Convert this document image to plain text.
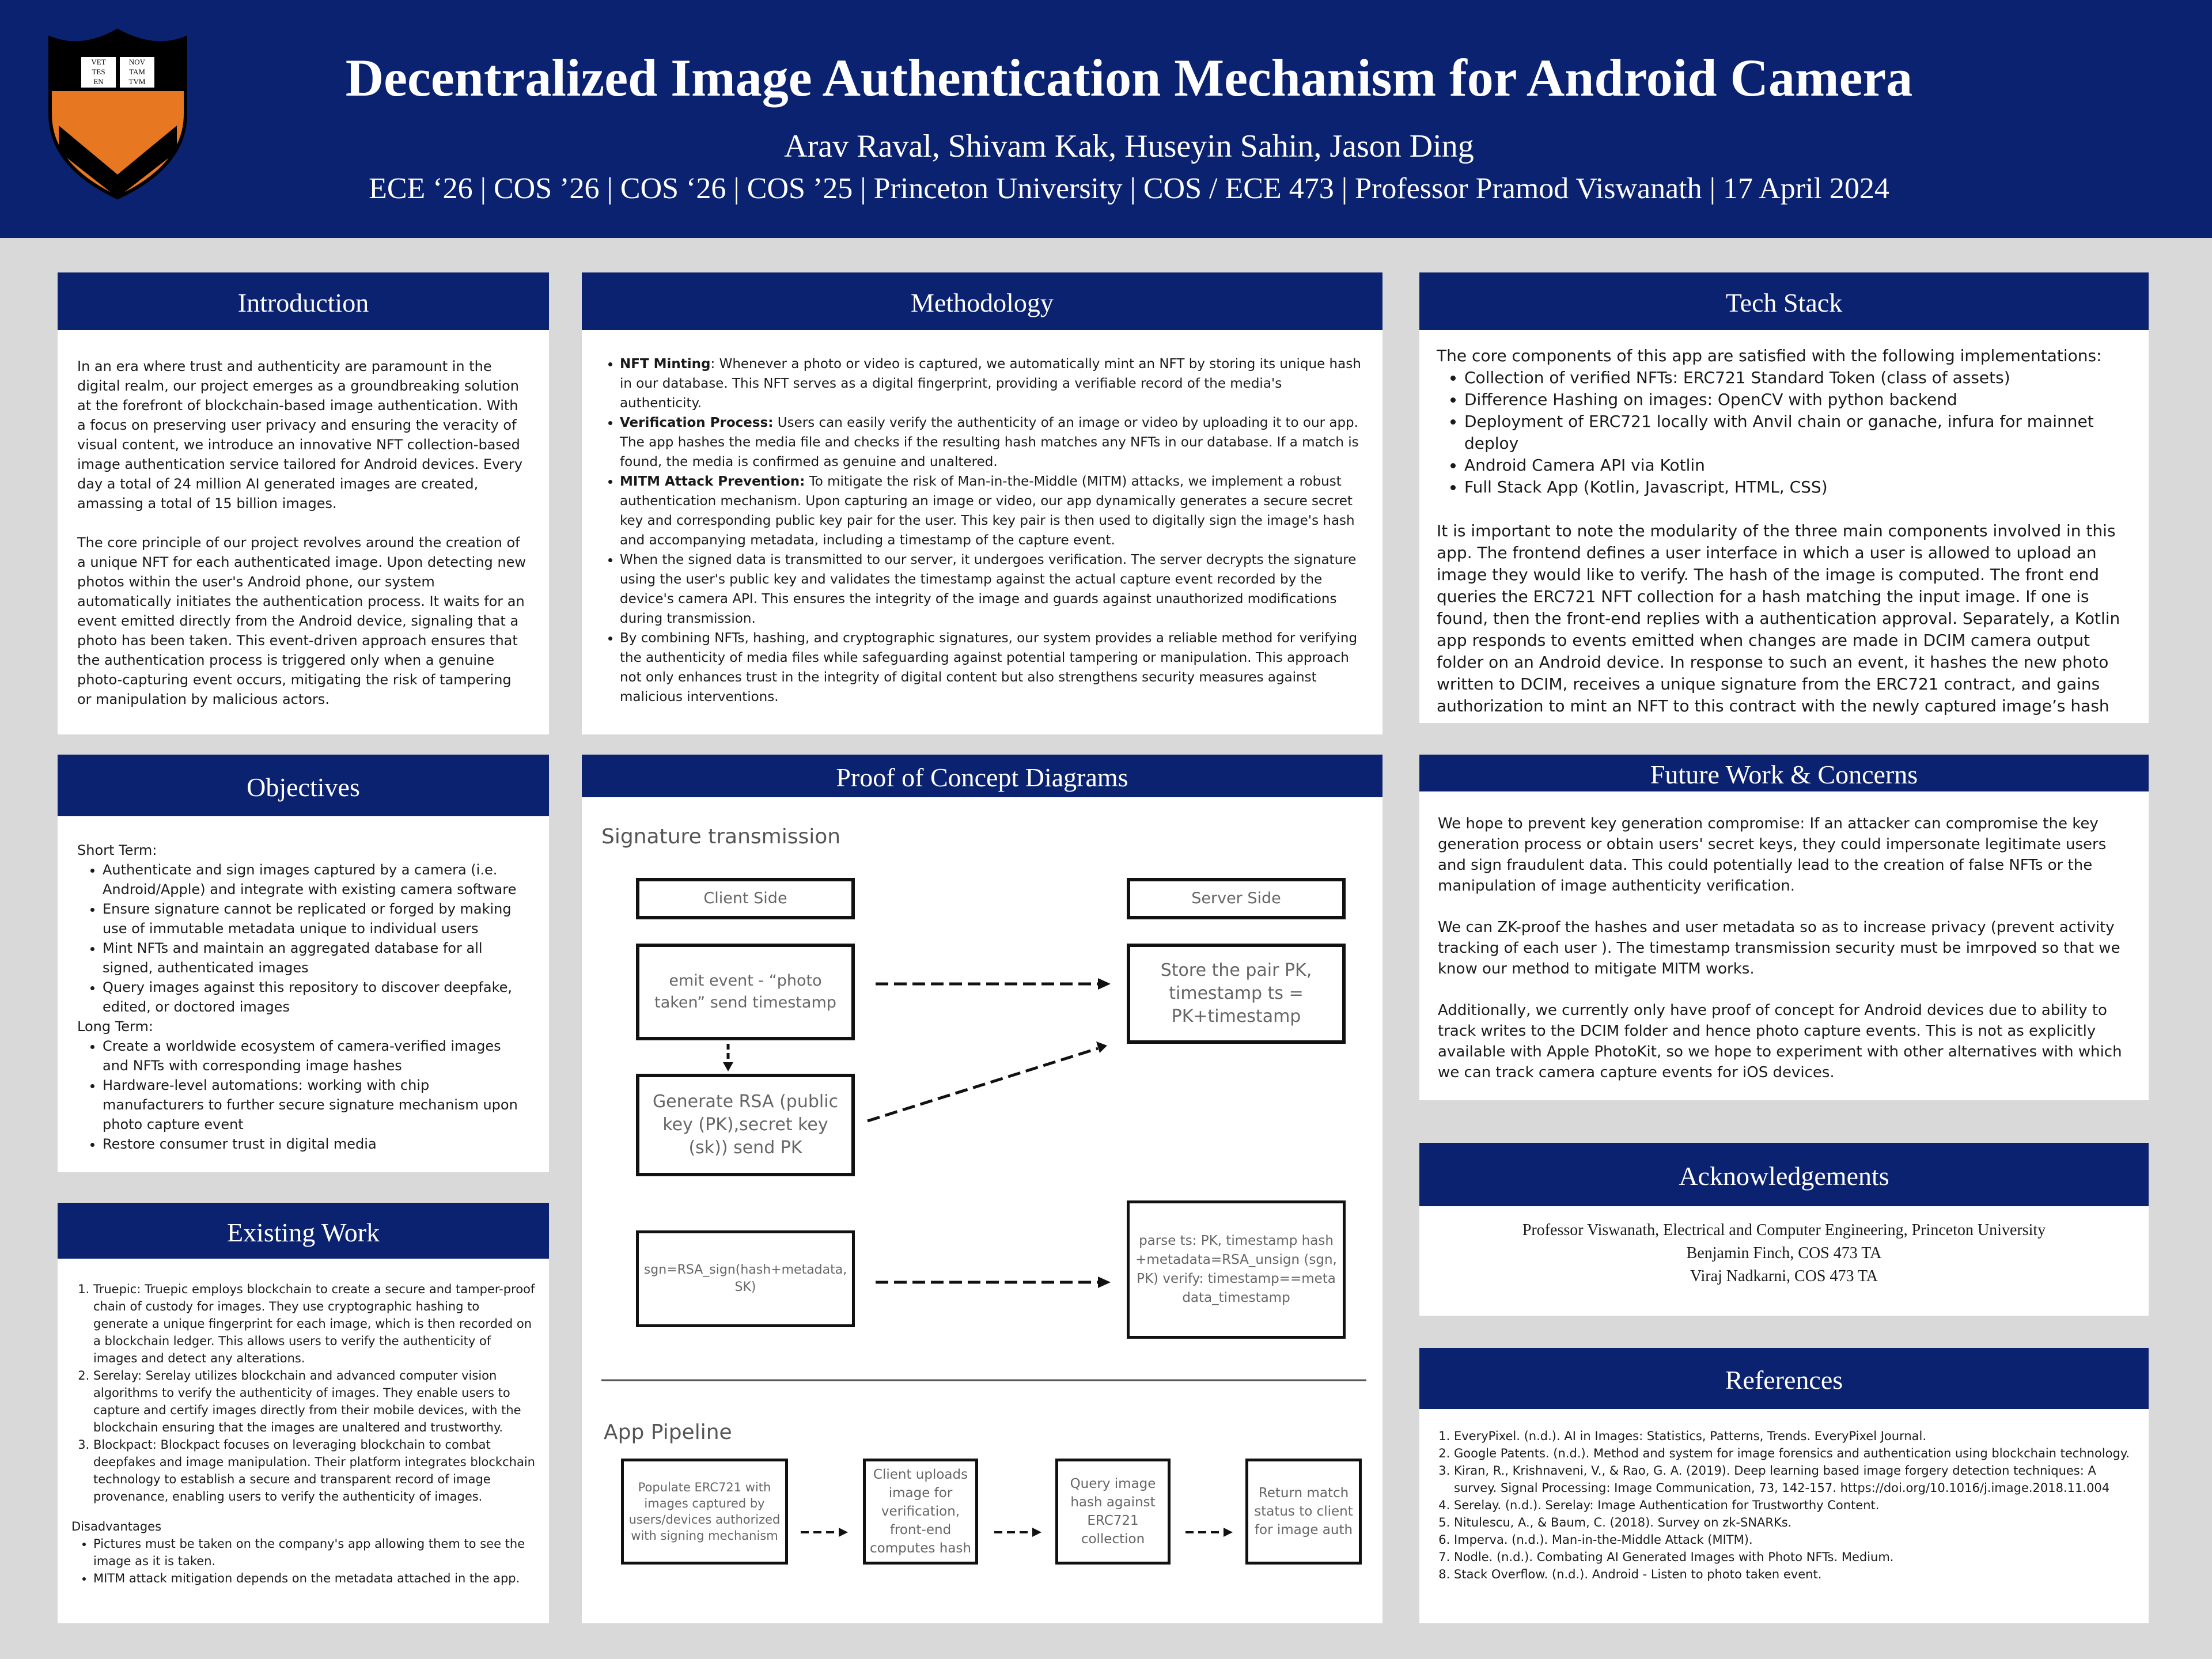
VET
TES
EN
NOV
TAM
TVM	Decentralized Image Authentication Mechanism for Android Camera
Arav Raval, Shivam Kak, Huseyin Sahin, Jason Ding
ECE ‘26 | COS ’26 | COS ‘26 | COS ’25 | Princeton University | COS / ECE 473 | Professor Pramod Viswanath | 17 April 2024
Introduction

In an era where trust and authenticity are paramount in the digital realm, our project emerges as a groundbreaking solution at the forefront of blockchain-based image authentication. With a focus on preserving user privacy and ensuring the veracity of visual content, we introduce an innovative NFT collection-based image authentication service tailored for Android devices. Every day a total of 24 million AI generated images are created, amassing a total of 15 billion images.

The core principle of our project revolves around the creation of a unique NFT for each authenticated image. Upon detecting new photos within the user's Android phone, our system automatically initiates the authentication process. It waits for an event emitted directly from the Android device, signaling that a photo has been taken. This event-driven approach ensures that the authentication process is triggered only when a genuine photo-capturing event occurs, mitigating the risk of tampering or manipulation by malicious actors.

Objectives

Short Term:

• Authenticate and sign images captured by a camera (i.e. Android/Apple) and integrate with existing camera software
• Ensure signature cannot be replicated or forged by making use of immutable metadata unique to individual users
• Mint NFTs and maintain an aggregated database for all signed, authenticated images
• Query images against this repository to discover deepfake, edited, or doctored images

Long Term:

• Create a worldwide ecosystem of camera-verified images and NFTs with corresponding image hashes
• Hardware-level automations: working with chip manufacturers to further secure signature mechanism upon photo capture event
• Restore consumer trust in digital media
Existing Work
1. Truepic: Truepic employs blockchain to create a secure and tamper-proof chain of custody for images. They use cryptographic hashing to generate a unique fingerprint for each image, which is then recorded on a blockchain ledger. This allows users to verify the authenticity of images and detect any alterations.
2. Serelay: Serelay utilizes blockchain and advanced computer vision algorithms to verify the authenticity of images. They enable users to capture and certify images directly from their mobile devices, with the blockchain ensuring that the images are unaltered and trustworthy.
3. Blockpact: Blockpact focuses on leveraging blockchain to combat deepfakes and image manipulation. Their platform integrates blockchain technology to establish a secure and transparent record of image provenance, enabling users to verify the authenticity of images.

Disadvantages

• Pictures must be taken on the company's app allowing them to see the image as it is taken.
• MITM attack mitigation depends on the metadata attached in the app.
Methodology
• NFT Minting: Whenever a photo or video is captured, we automatically mint an NFT by storing its unique hash in our database. This NFT serves as a digital fingerprint, providing a verifiable record of the media's authenticity.
• Verification Process: Users can easily verify the authenticity of an image or video by uploading it to our app. The app hashes the media file and checks if the resulting hash matches any NFTs in our database. If a match is found, the media is confirmed as genuine and unaltered.
• MITM Attack Prevention: To mitigate the risk of Man-in-the-Middle (MITM) attacks, we implement a robust authentication mechanism. Upon capturing an image or video, our app dynamically generates a secure secret key and corresponding public key pair for the user. This key pair is then used to digitally sign the image's hash and accompanying metadata, including a timestamp of the capture event.
• When the signed data is transmitted to our server, it undergoes verification. The server decrypts the signature using the user's public key and validates the timestamp against the actual capture event recorded by the device's camera API. This ensures the integrity of the image and guards against unauthorized modifications during transmission.
• By combining NFTs, hashing, and cryptographic signatures, our system provides a reliable method for verifying the authenticity of media files while safeguarding against potential tampering or manipulation. This approach not only enhances trust in the integrity of digital content but also strengthens security measures against malicious interventions.
Proof of Concept Diagrams
Signature transmission
Client Side	Server Side
emit event - “photo taken” send timestamp
Store the pair PK, timestamp ts = PK+timestamp
Generate RSA (public key (PK),secret key (sk)) send PK
sgn=RSA_sign(hash+metadata, SK)
parse ts: PK, timestamp hash+metadata=RSA_unsign (sgn, PK) verify: timestamp==metadata_timestamp
App Pipeline
Populate ERC721 with images captured by users/devices authorized with signing mechanism
Client uploads image for verification, front-end computes hash
Query image hash against ERC721 collection
Return match status to client for image auth
Tech Stack

The core components of this app are satisfied with the following implementations:

• Collection of verified NFTs: ERC721 Standard Token (class of assets)
• Difference Hashing on images: OpenCV with python backend
• Deployment of ERC721 locally with Anvil chain or ganache, infura for mainnet deploy
• Android Camera API via Kotlin
• Full Stack App (Kotlin, Javascript, HTML, CSS)

It is important to note the modularity of the three main components involved in this app. The frontend defines a user interface in which a user is allowed to upload an image they would like to verify. The hash of the image is computed. The front end queries the ERC721 NFT collection for a hash matching the input image. If one is found, then the front-end replies with a authentication approval. Separately, a Kotlin app responds to events emitted when changes are made in DCIM camera output folder on an Android device. In response to such an event, it hashes the new photo written to DCIM, receives a unique signature from the ERC721 contract, and gains authorization to mint an NFT to this contract with the newly captured image’s hash

Future Work & Concerns

We hope to prevent key generation compromise: If an attacker can compromise the key generation process or obtain users' secret keys, they could impersonate legitimate users and sign fraudulent data. This could potentially lead to the creation of false NFTs or the manipulation of image authenticity verification.

We can ZK-proof the hashes and user metadata so as to increase privacy (prevent activity tracking of each user ). The timestamp transmission security must be imrpoved so that we know our method to mitigate MITM works.

Additionally, we currently only have proof of concept for Android devices due to ability to track writes to the DCIM folder and hence photo capture events. This is not as explicitly available with Apple PhotoKit, so we hope to experiment with other alternatives with which we can track camera capture events for iOS devices.

Acknowledgements

Professor Viswanath, Electrical and Computer Engineering, Princeton University

Benjamin Finch, COS 473 TA

Viraj Nadkarni, COS 473 TA

References
1. EveryPixel. (n.d.). AI in Images: Statistics, Patterns, Trends. EveryPixel Journal.
2. Google Patents. (n.d.). Method and system for image forensics and authentication using blockchain technology.
3. Kiran, R., Krishnaveni, V., & Rao, G. A. (2019). Deep learning based image forgery detection techniques: A survey. Signal Processing: Image Communication, 73, 142-157. https://doi.org/10.1016/j.image.2018.11.004
4. Serelay. (n.d.). Serelay: Image Authentication for Trustworthy Content.
5. Nitulescu, A., & Baum, C. (2018). Survey on zk-SNARKs.
6. Imperva. (n.d.). Man-in-the-Middle Attack (MITM).
7. Nodle. (n.d.). Combating AI Generated Images with Photo NFTs. Medium.
8. Stack Overflow. (n.d.). Android - Listen to photo taken event.
